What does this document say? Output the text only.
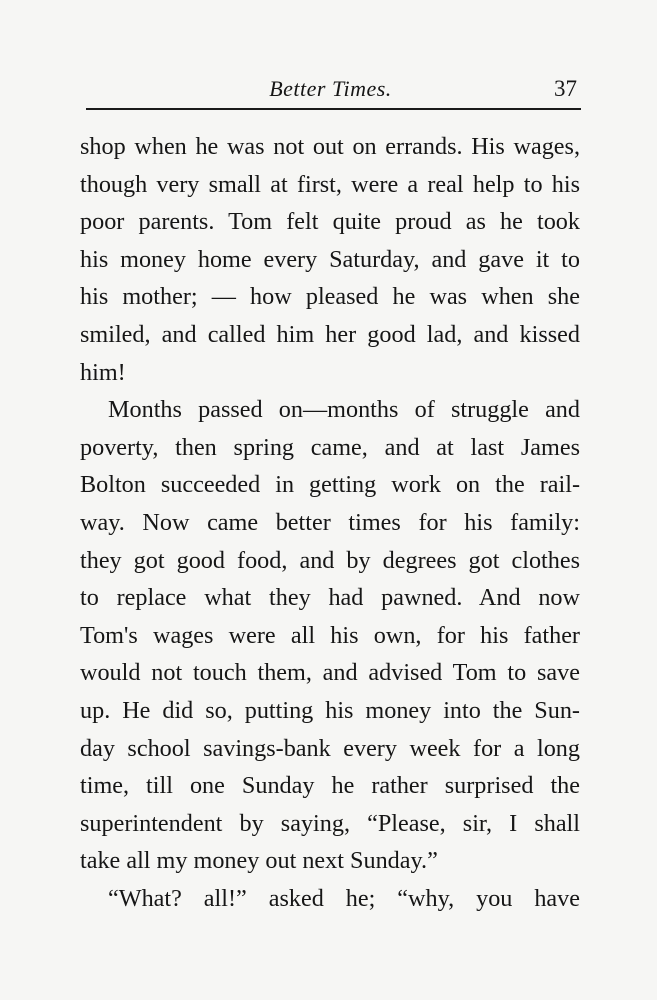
Better Times.	37
shop when he was not out on errands. His wages,
though very small at first, were a real help to his
poor parents. Tom felt quite proud as he took
his money home every Saturday, and gave it to
his mother; — how pleased he was when she
smiled, and called him her good lad, and kissed
him!
Months passed on—months of struggle and
poverty, then spring came, and at last James
Bolton succeeded in getting work on the rail-
way. Now came better times for his family:
they got good food, and by degrees got clothes
to replace what they had pawned. And now
Tom's wages were all his own, for his father
would not touch them, and advised Tom to save
up. He did so, putting his money into the Sun-
day school savings-bank every week for a long
time, till one Sunday he rather surprised the
superintendent by saying, “Please, sir, I shall
take all my money out next Sunday.”
“What? all!” asked he; “why, you have
